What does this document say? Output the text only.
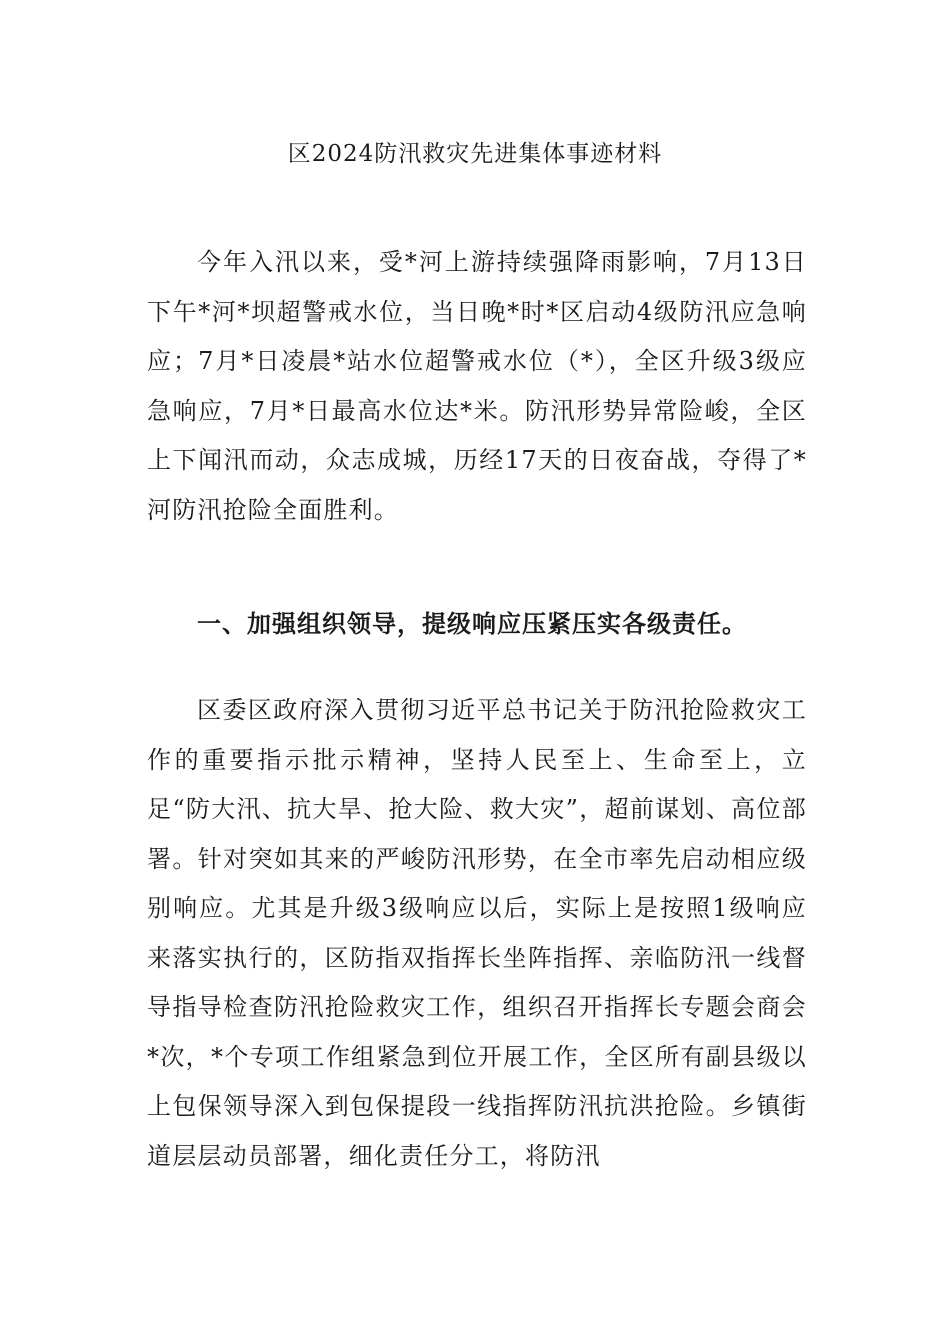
区2024防汛救灾先进集体事迹材料

今年入汛以来，受*河上游持续强降雨影响，7月13日下午*河*坝超警戒水位，当日晚*时*区启动4级防汛应急响应；7月*日凌晨*站水位超警戒水位（*），全区升级3级应急响应，7月*日最高水位达*米。防汛形势异常险峻，全区上下闻汛而动，众志成城，历经17天的日夜奋战，夺得了*河防汛抢险全面胜利。

一、加强组织领导，提级响应压紧压实各级责任。

区委区政府深入贯彻习近平总书记关于防汛抢险救灾工作的重要指示批示精神，坚持人民至上、生命至上，立足“防大汛、抗大旱、抢大险、救大灾”，超前谋划、高位部署。针对突如其来的严峻防汛形势，在全市率先启动相应级别响应。尤其是升级3级响应以后，实际上是按照1级响应来落实执行的，区防指双指挥长坐阵指挥、亲临防汛一线督导指导检查防汛抢险救灾工作，组织召开指挥长专题会商会*次，*个专项工作组紧急到位开展工作，全区所有副县级以上包保领导深入到包保提段一线指挥防汛抗洪抢险。乡镇街道层层动员部署，细化责任分工，将防汛
